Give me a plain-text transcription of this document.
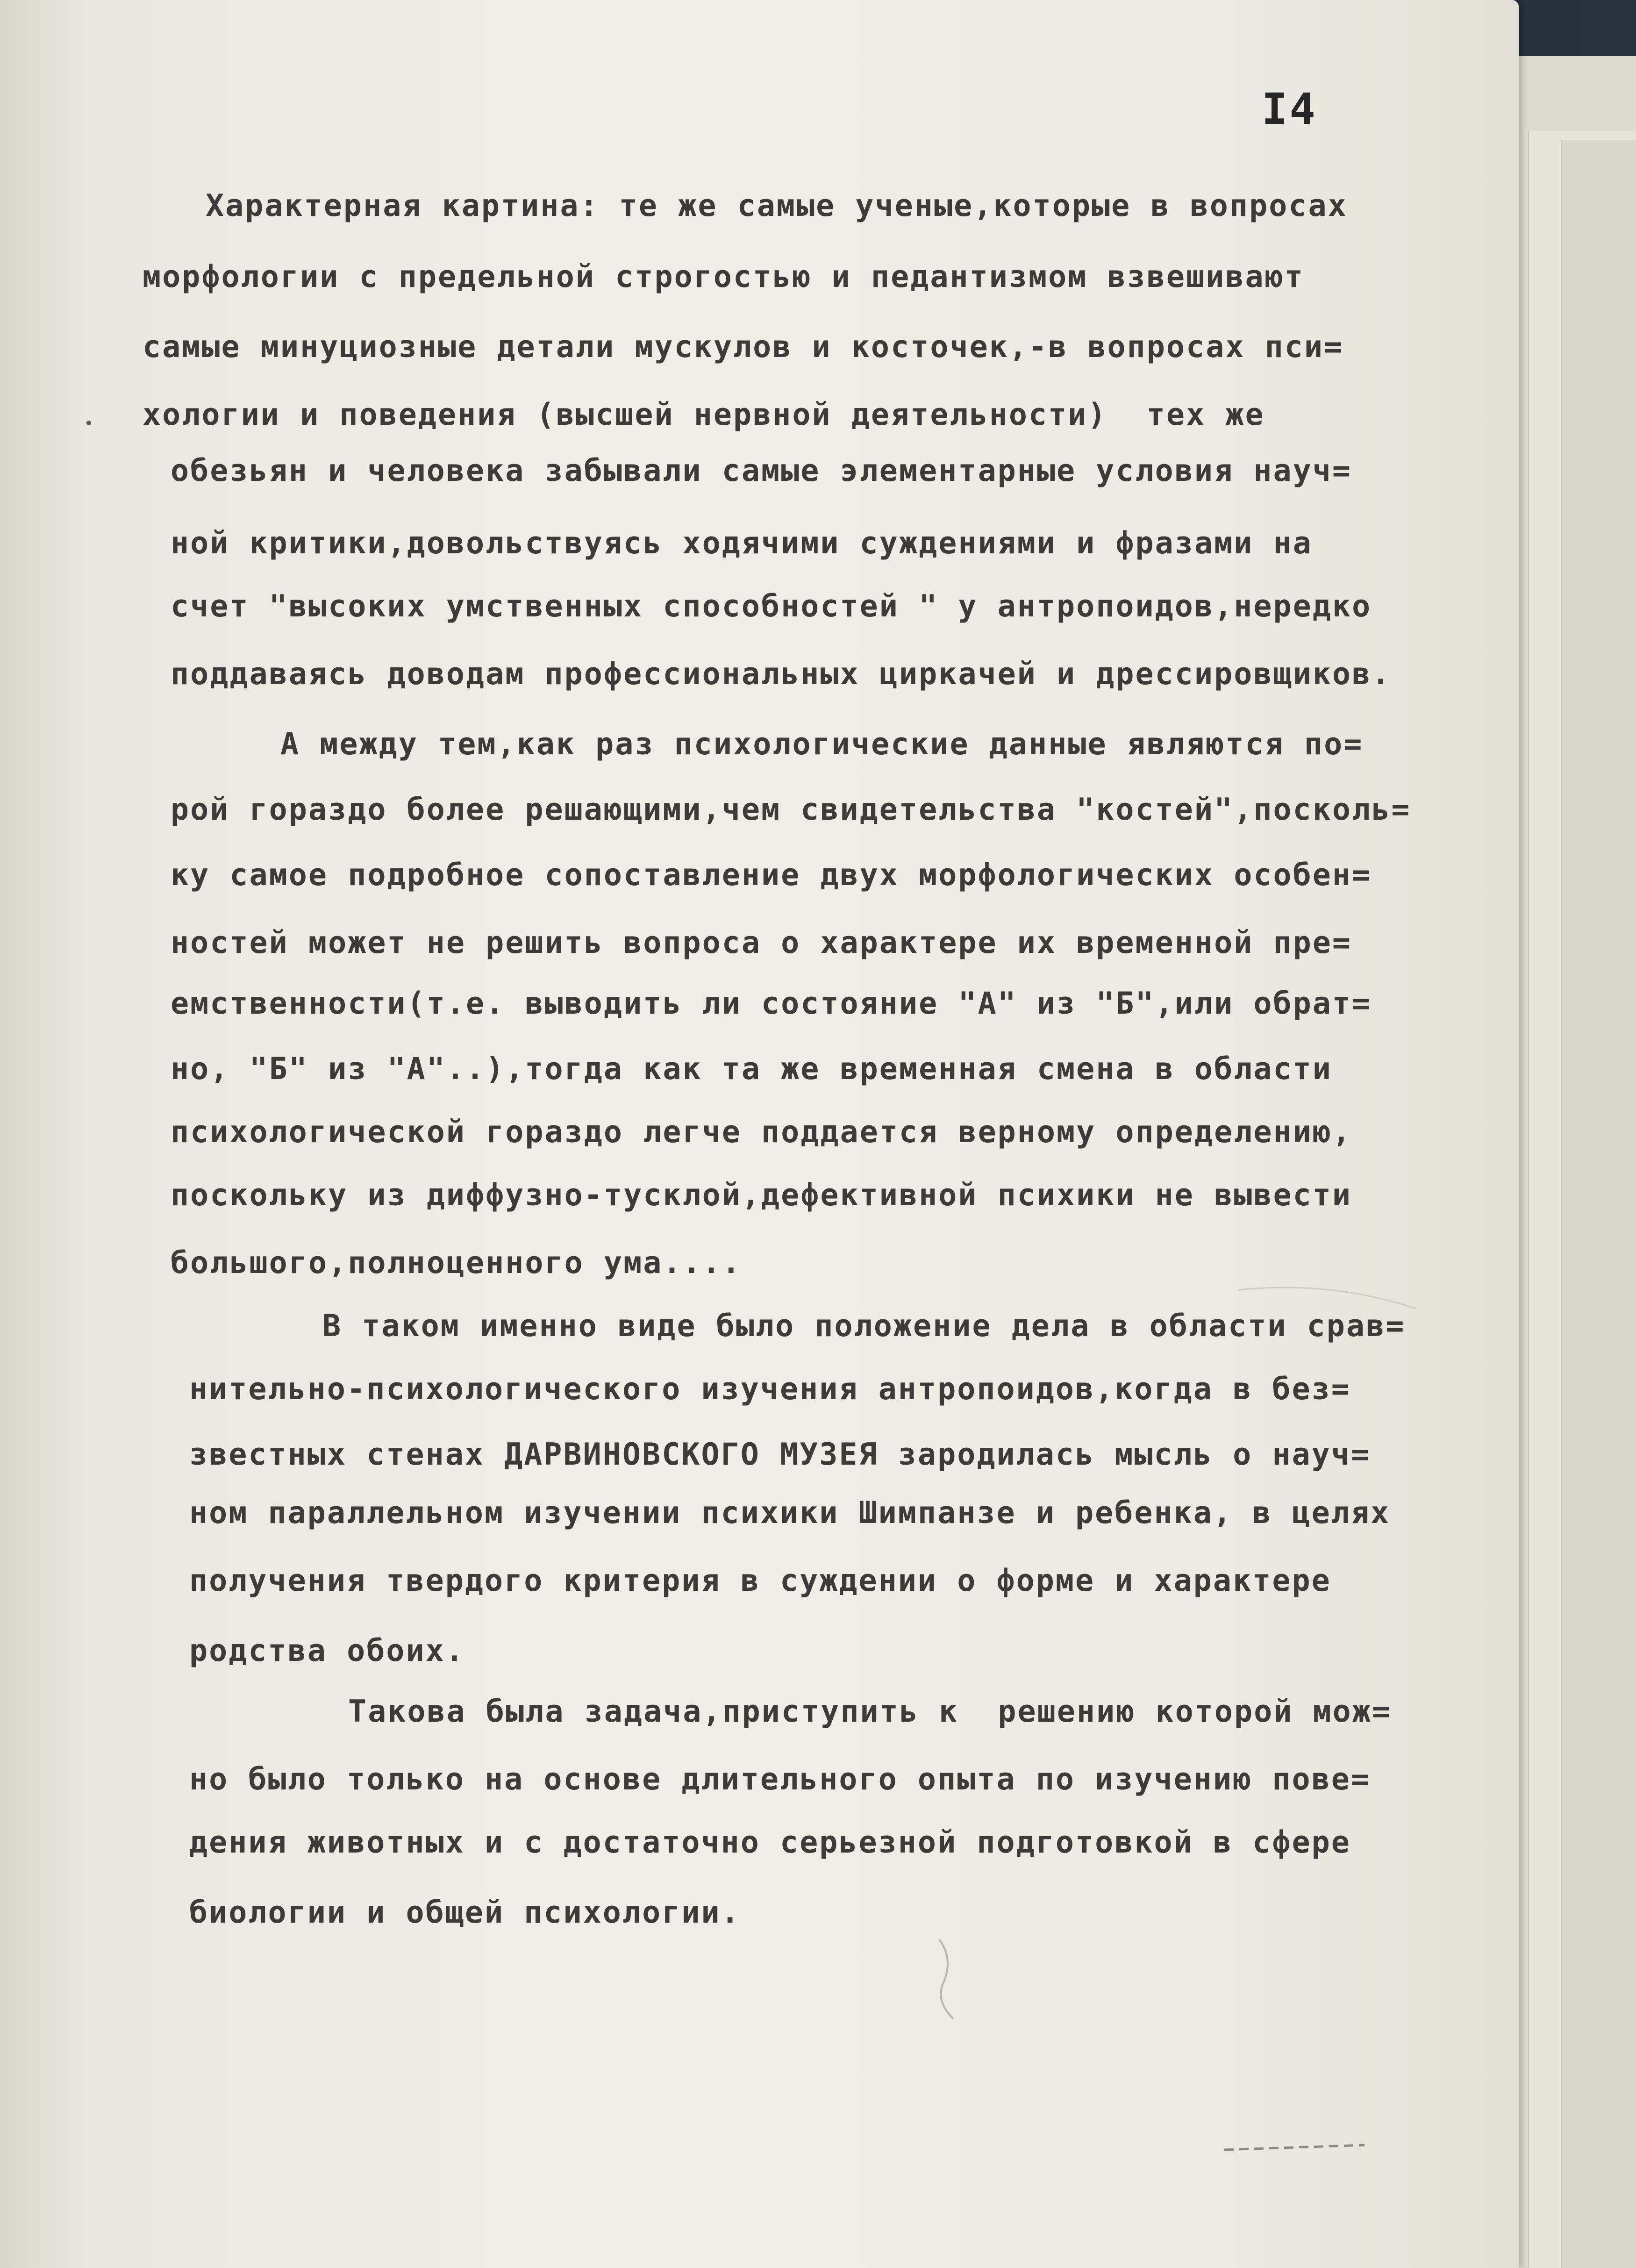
I4
Характерная картина: те же самые ученые,которые в вопросах
морфологии с предельной строгостью и педантизмом взвешивают
самые минуциозные детали мускулов и косточек,-в вопросах пси=
хологии и поведения (высшей нервной деятельности)  тех же
обезьян и человека забывали самые элементарные условия науч=
ной критики,довольствуясь ходячими суждениями и фразами на
счет "высоких умственных способностей " у антропоидов,нередко
поддаваясь доводам профессиональных циркачей и дрессировщиков.
А между тем,как раз психологические данные являются по=
рой гораздо более решающими,чем свидетельства "костей",посколь=
ку самое подробное сопоставление двух морфологических особен=
ностей может не решить вопроса о характере их временной пре=
емственности(т.е. выводить ли состояние "А" из "Б",или обрат=
но, "Б" из "А"..),тогда как та же временная смена в области
психологической гораздо легче поддается верному определению,
поскольку из диффузно-тусклой,дефективной психики не вывести
большого,полноценного ума....
В таком именно виде было положение дела в области срав=
нительно-психологического изучения антропоидов,когда в без=
звестных стенах ДАРВИНОВСКОГО МУЗЕЯ зародилась мысль о науч=
ном параллельном изучении психики Шимпанзе и ребенка, в целях
получения твердого критерия в суждении о форме и характере
родства обоих.
Такова была задача,приступить к  решению которой мож=
но было только на основе длительного опыта по изучению пове=
дения животных и с достаточно серьезной подготовкой в сфере
биологии и общей психологии.
